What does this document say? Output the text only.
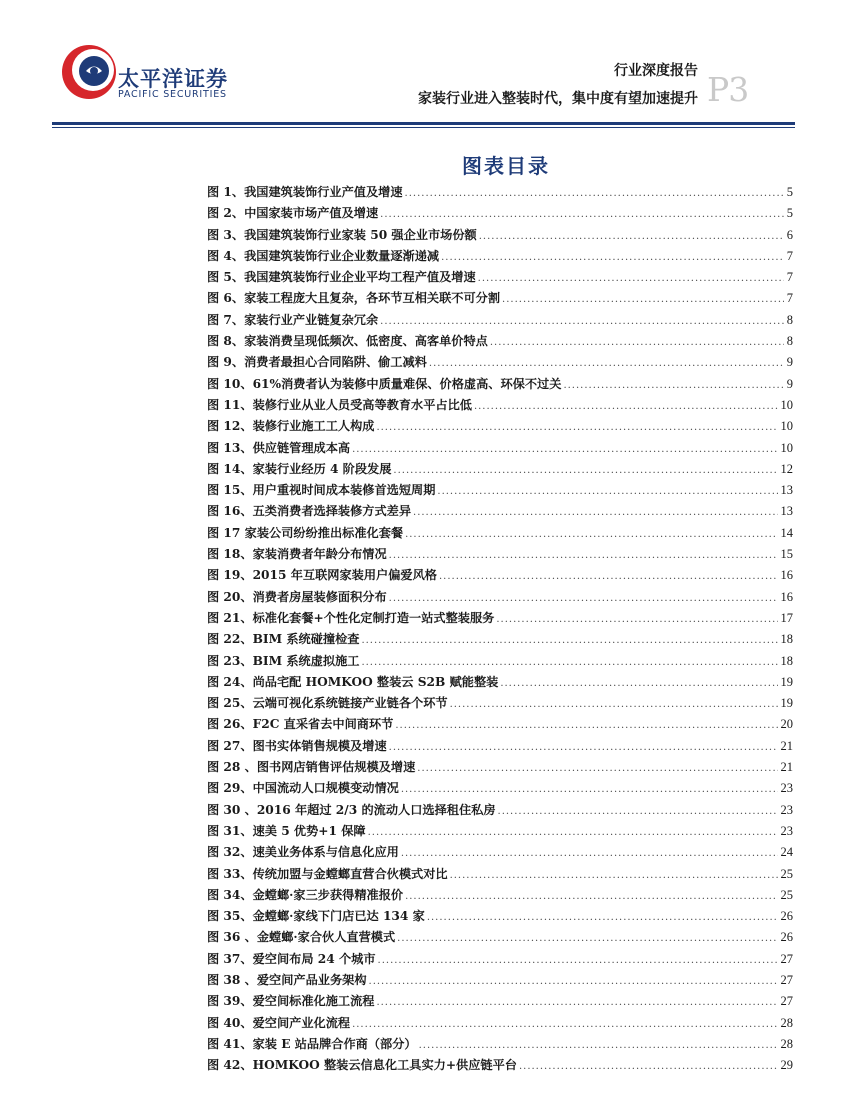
太平洋证券
PACIFIC SECURITIES
行业深度报告
家装行业进入整装时代，集中度有望加速提升 P3
图表目录
图 1、我国建筑装饰行业产值及增速 .....	5
图 2、中国家装市场产值及增速 .....	5
图 3、我国建筑装饰行业家装 50 强企业市场份额 .....	6
图 4、我国建筑装饰行业企业数量逐渐递减 .....	7
图 5、我国建筑装饰行业企业平均工程产值及增速 .....	7
图 6、家装工程庞大且复杂，各环节互相关联不可分割 .....	7
图 7、家装行业产业链复杂冗余 .....	8
图 8、家装消费呈现低频次、低密度、高客单价特点 .....	8
图 9、消费者最担心合同陷阱、偷工减料 .....	9
图 10、61%消费者认为装修中质量难保、价格虚高、环保不过关 .....	9
图 11、装修行业从业人员受高等教育水平占比低 .....	10
图 12、装修行业施工工人构成 .....	10
图 13、供应链管理成本高 .....	10
图 14、家装行业经历 4 阶段发展 .....	12
图 15、用户重视时间成本装修首选短周期 .....	13
图 16、五类消费者选择装修方式差异 .....	13
图 17 家装公司纷纷推出标准化套餐 .....	14
图 18、家装消费者年龄分布情况 .....	15
图 19、2015 年互联网家装用户偏爱风格 .....	16
图 20、消费者房屋装修面积分布 .....	16
图 21、标准化套餐+个性化定制打造一站式整装服务 .....	17
图 22、BIM 系统碰撞检查 .....	18
图 23、BIM 系统虚拟施工 .....	18
图 24、尚品宅配 HOMKOO 整装云 S2B 赋能整装 .....	19
图 25、云端可视化系统链接产业链各个环节 .....	19
图 26、F2C 直采省去中间商环节 .....	20
图 27、图书实体销售规模及增速 .....	21
图 28 、图书网店销售评估规模及增速 .....	21
图 29、中国流动人口规模变动情况 .....	23
图 30 、2016 年超过 2/3 的流动人口选择租住私房 .....	23
图 31、速美 5 优势+1 保障 .....	23
图 32、速美业务体系与信息化应用 .....	24
图 33、传统加盟与金螳螂直营合伙模式对比 .....	25
图 34、金螳螂·家三步获得精准报价 .....	25
图 35、金螳螂·家线下门店已达 134 家 .....	26
图 36 、金螳螂·家合伙人直营模式 .....	26
图 37、爱空间布局 24 个城市 .....	27
图 38 、爱空间产品业务架构 .....	27
图 39、爱空间标准化施工流程 .....	27
图 40、爱空间产业化流程 .....	28
图 41、家装 E 站品牌合作商（部分） .....	28
图 42、HOMKOO 整装云信息化工具实力+供应链平台 .....	29
